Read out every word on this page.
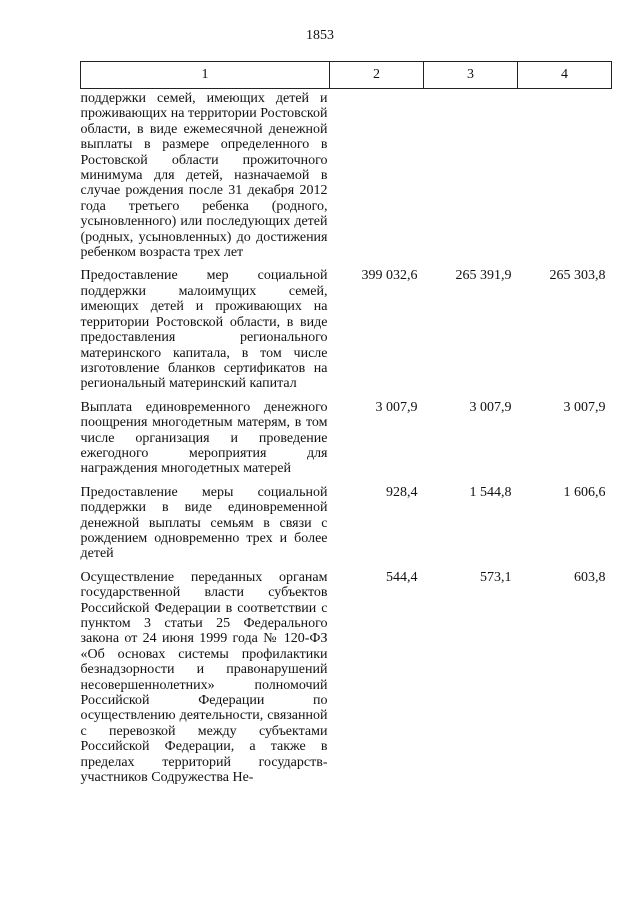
1853
1	2	3	4
поддержки семей, имеющих детей и проживающих на территории Ростовской области, в виде ежемесячной денежной выплаты в размере определенного в Ростовской области прожиточного минимума для детей, назначаемой в случае рождения после 31 декабря 2012 года третьего ребенка (родного, усыновленного) или последующих детей (родных, усыновленных) до достижения ребенком возраста трех лет			
Предоставление мер социальной поддержки малоимущих семей, имеющих детей и проживающих на территории Ростовской области, в виде предоставления регионального материнского капитала, в том числе изготовление бланков сертификатов на региональный материнский капитал	399 032,6	265 391,9	265 303,8
Выплата единовременного денежного поощрения многодетным матерям, в том числе организация и проведение ежегодного мероприятия для награждения многодетных матерей	3 007,9	3 007,9	3 007,9
Предоставление меры социальной поддержки в виде единовременной денежной выплаты семьям в связи с рождением одновременно трех и более детей	928,4	1 544,8	1 606,6
Осуществление переданных органам государственной власти субъектов Российской Федерации в соответствии с пунктом 3 статьи 25 Федерального закона от 24 июня 1999 года № 120-ФЗ «Об основах системы профилактики безнадзорности и правонарушений несовершеннолетних» полномочий Российской Федерации по осуществлению деятельности, связанной с перевозкой между субъектами Российской Федерации, а также в пределах территорий государств-участников Содружества Не-	544,4	573,1	603,8
